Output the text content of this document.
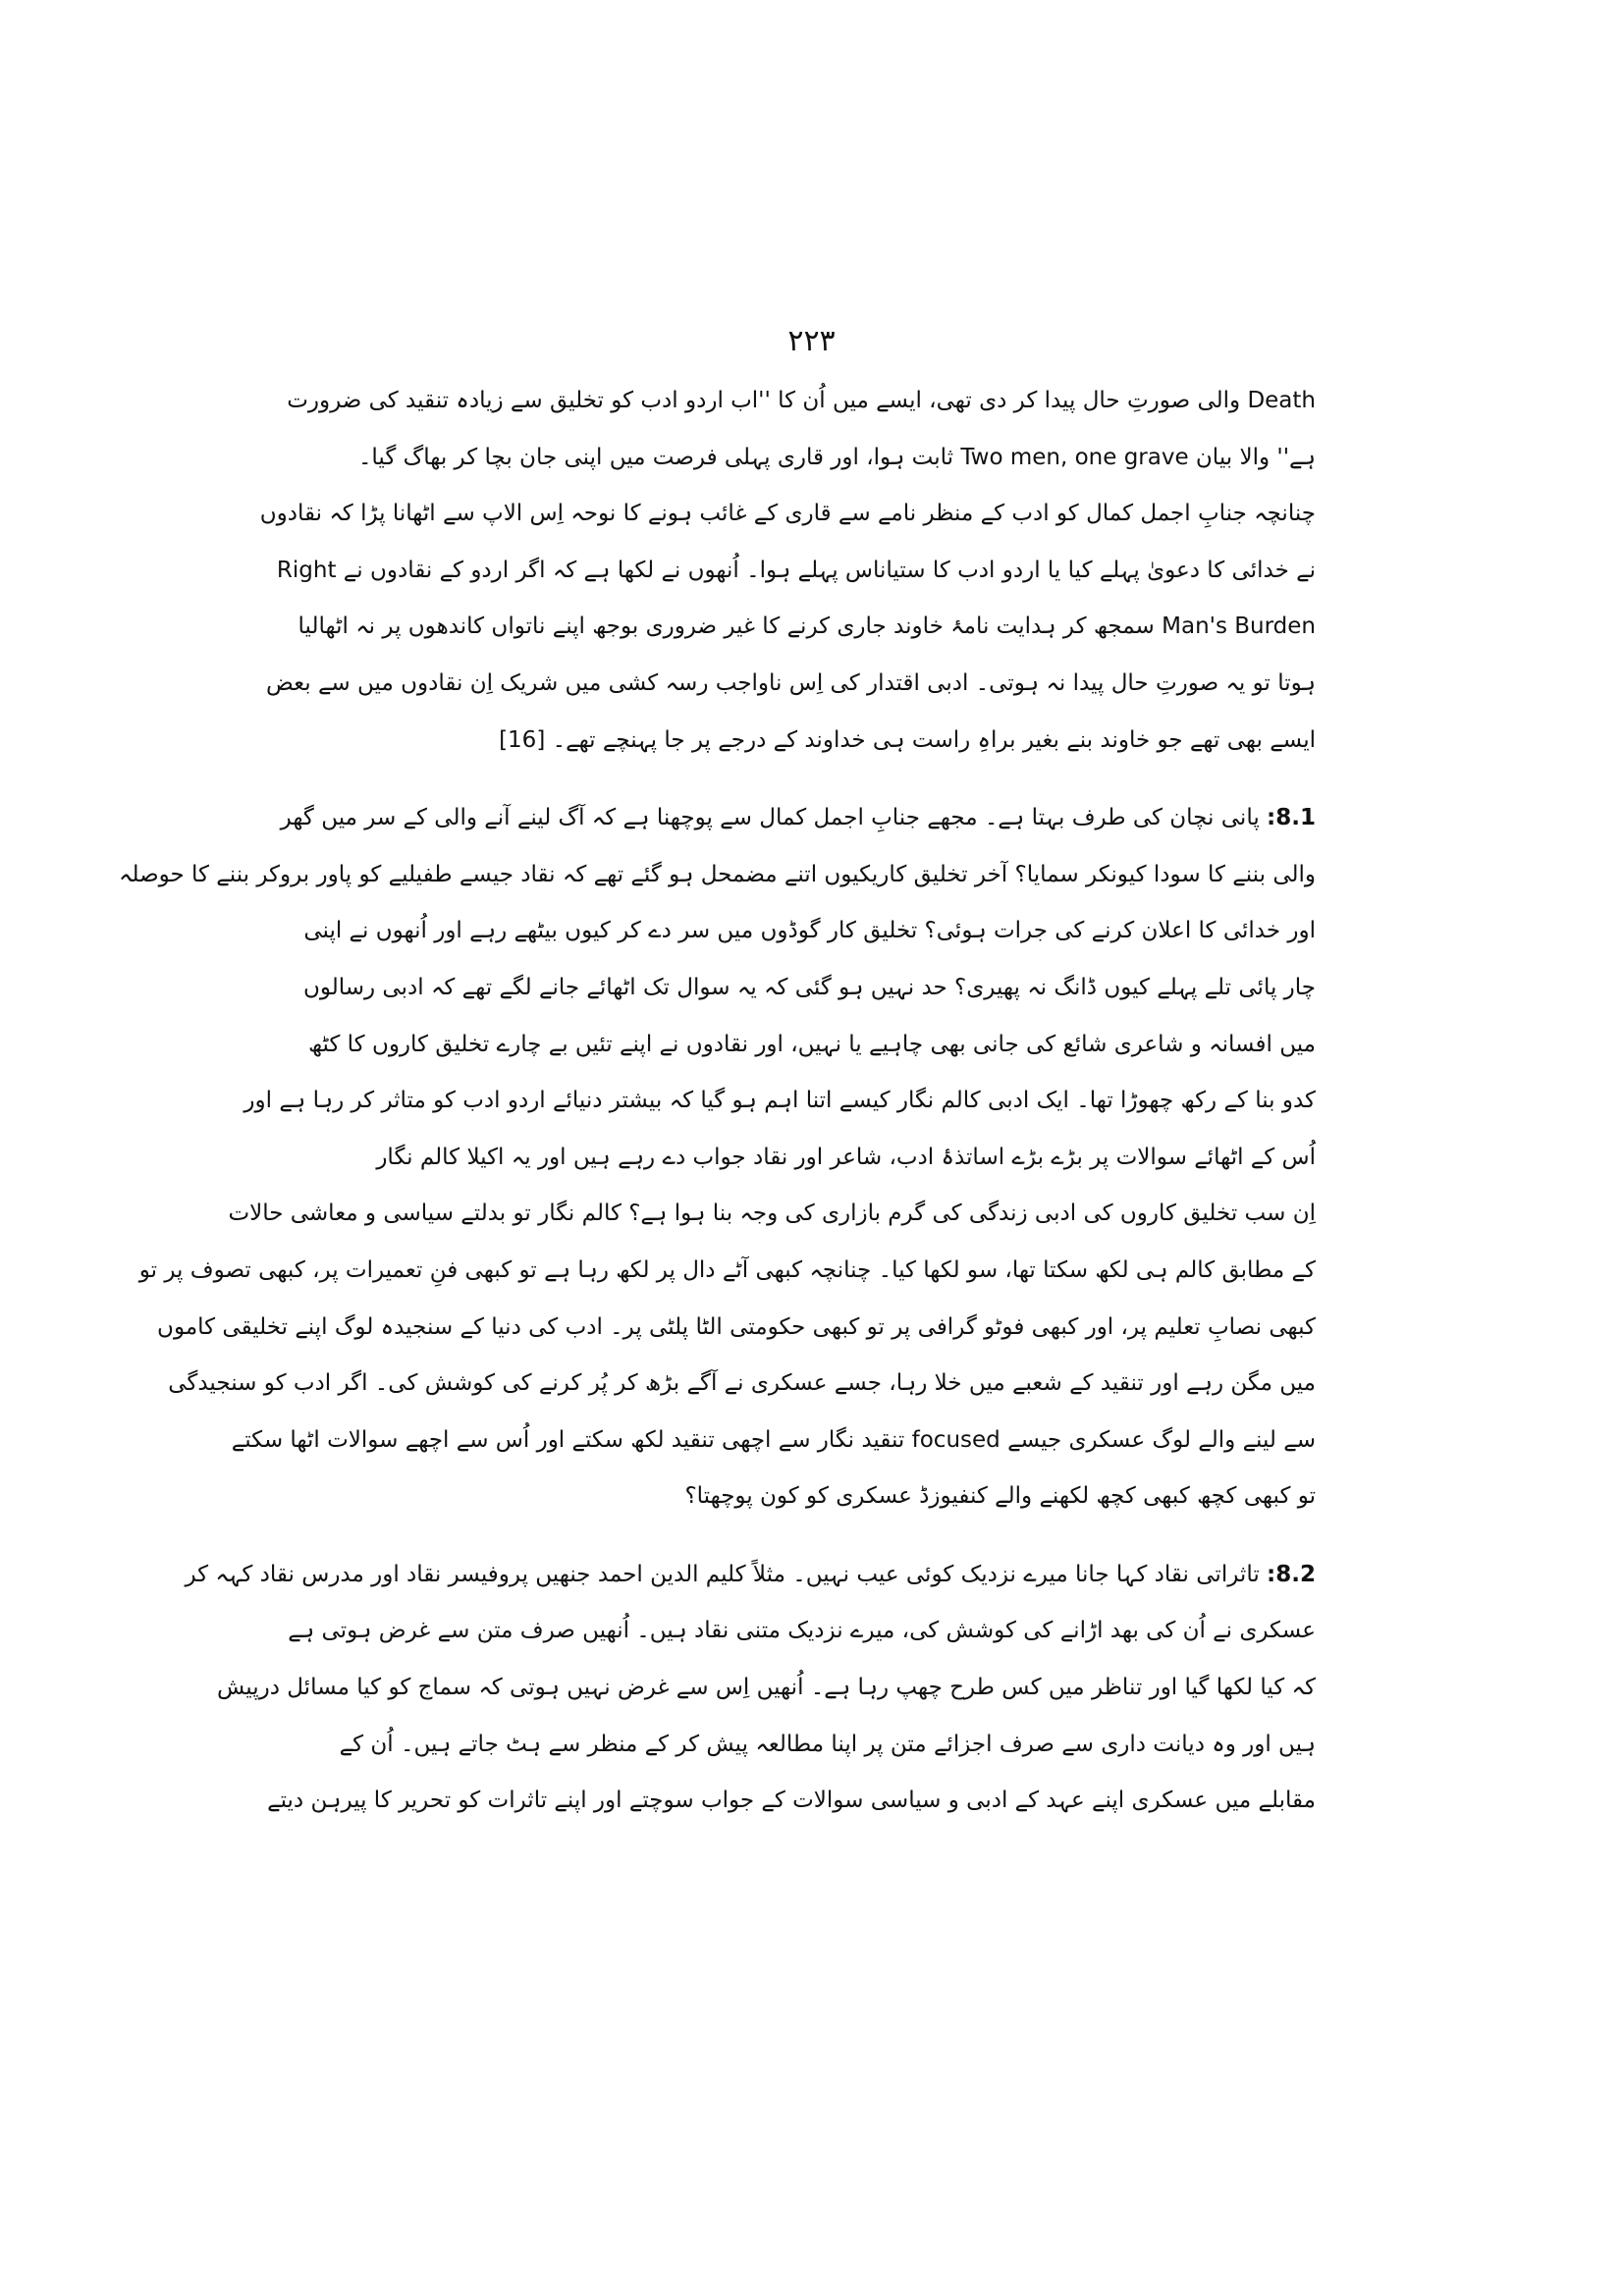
۲۲۳
Death والی صورتِ حال پیدا کر دی تھی، ایسے میں اُن کا ''اب اردو ادب کو تخلیق سے زیادہ تنقید کی ضرورت
ہے'' والا بیان Two men, one grave ثابت ہوا، اور قاری پہلی فرصت میں اپنی جان بچا کر بھاگ گیا۔
چنانچہ جنابِ اجمل کمال کو ادب کے منظر نامے سے قاری کے غائب ہونے کا نوحہ اِس الاپ سے اٹھانا پڑا کہ نقادوں
نے خدائی کا دعویٰ پہلے کیا یا اردو ادب کا ستیاناس پہلے ہوا۔ اُنھوں نے لکھا ہے کہ اگر اردو کے نقادوں نے Right
Man's Burden سمجھ کر ہدایت نامۂ خاوند جاری کرنے کا غیر ضروری بوجھ اپنے ناتواں کاندھوں پر نہ اٹھالیا
ہوتا تو یہ صورتِ حال پیدا نہ ہوتی۔ ادبی اقتدار کی اِس ناواجب رسہ کشی میں شریک اِن نقادوں میں سے بعض
ایسے بھی تھے جو خاوند بنے بغیر براہِ راست ہی خداوند کے درجے پر جا پہنچے تھے۔ [16]
8.1: پانی نچان کی طرف بہتا ہے۔ مجھے جنابِ اجمل کمال سے پوچھنا ہے کہ آگ لینے آنے والی کے سر میں گھر
والی بننے کا سودا کیونکر سمایا؟ آخر تخلیق کاریکیوں اتنے مضمحل ہو گئے تھے کہ نقاد جیسے طفیلیے کو پاور بروکر بننے کا حوصلہ
اور خدائی کا اعلان کرنے کی جرات ہوئی؟ تخلیق کار گوڈوں میں سر دے کر کیوں بیٹھے رہے اور اُنھوں نے اپنی
چار پائی تلے پہلے کیوں ڈانگ نہ پھیری؟ حد نہیں ہو گئی کہ یہ سوال تک اٹھائے جانے لگے تھے کہ ادبی رسالوں
میں افسانہ و شاعری شائع کی جانی بھی چاہیے یا نہیں، اور نقادوں نے اپنے تئیں بے چارے تخلیق کاروں کا کٹھ
کدو بنا کے رکھ چھوڑا تھا۔ ایک ادبی کالم نگار کیسے اتنا اہم ہو گیا کہ بیشتر دنیائے اردو ادب کو متاثر کر رہا ہے اور
اُس کے اٹھائے سوالات پر بڑے بڑے اساتذۂ ادب، شاعر اور نقاد جواب دے رہے ہیں اور یہ اکیلا کالم نگار
اِن سب تخلیق کاروں کی ادبی زندگی کی گرم بازاری کی وجہ بنا ہوا ہے؟ کالم نگار تو بدلتے سیاسی و معاشی حالات
کے مطابق کالم ہی لکھ سکتا تھا، سو لکھا کیا۔ چنانچہ کبھی آٹے دال پر لکھ رہا ہے تو کبھی فنِ تعمیرات پر، کبھی تصوف پر تو
کبھی نصابِ تعلیم پر، اور کبھی فوٹو گرافی پر تو کبھی حکومتی الٹا پلٹی پر۔ ادب کی دنیا کے سنجیدہ لوگ اپنے تخلیقی کاموں
میں مگن رہے اور تنقید کے شعبے میں خلا رہا، جسے عسکری نے آگے بڑھ کر پُر کرنے کی کوشش کی۔ اگر ادب کو سنجیدگی
سے لینے والے لوگ عسکری جیسے focused تنقید نگار سے اچھی تنقید لکھ سکتے اور اُس سے اچھے سوالات اٹھا سکتے
تو کبھی کچھ کبھی کچھ لکھنے والے کنفیوزڈ عسکری کو کون پوچھتا؟
8.2: تاثراتی نقاد کہا جانا میرے نزدیک کوئی عیب نہیں۔ مثلاً کلیم الدین احمد جنھیں پروفیسر نقاد اور مدرس نقاد کہہ کر
عسکری نے اُن کی بھد اڑانے کی کوشش کی، میرے نزدیک متنی نقاد ہیں۔ اُنھیں صرف متن سے غرض ہوتی ہے
کہ کیا لکھا گیا اور تناظر میں کس طرح چھپ رہا ہے۔ اُنھیں اِس سے غرض نہیں ہوتی کہ سماج کو کیا مسائل درپیش
ہیں اور وہ دیانت داری سے صرف اجزائے متن پر اپنا مطالعہ پیش کر کے منظر سے ہٹ جاتے ہیں۔ اُن کے
مقابلے میں عسکری اپنے عہد کے ادبی و سیاسی سوالات کے جواب سوچتے اور اپنے تاثرات کو تحریر کا پیرہن دیتے
